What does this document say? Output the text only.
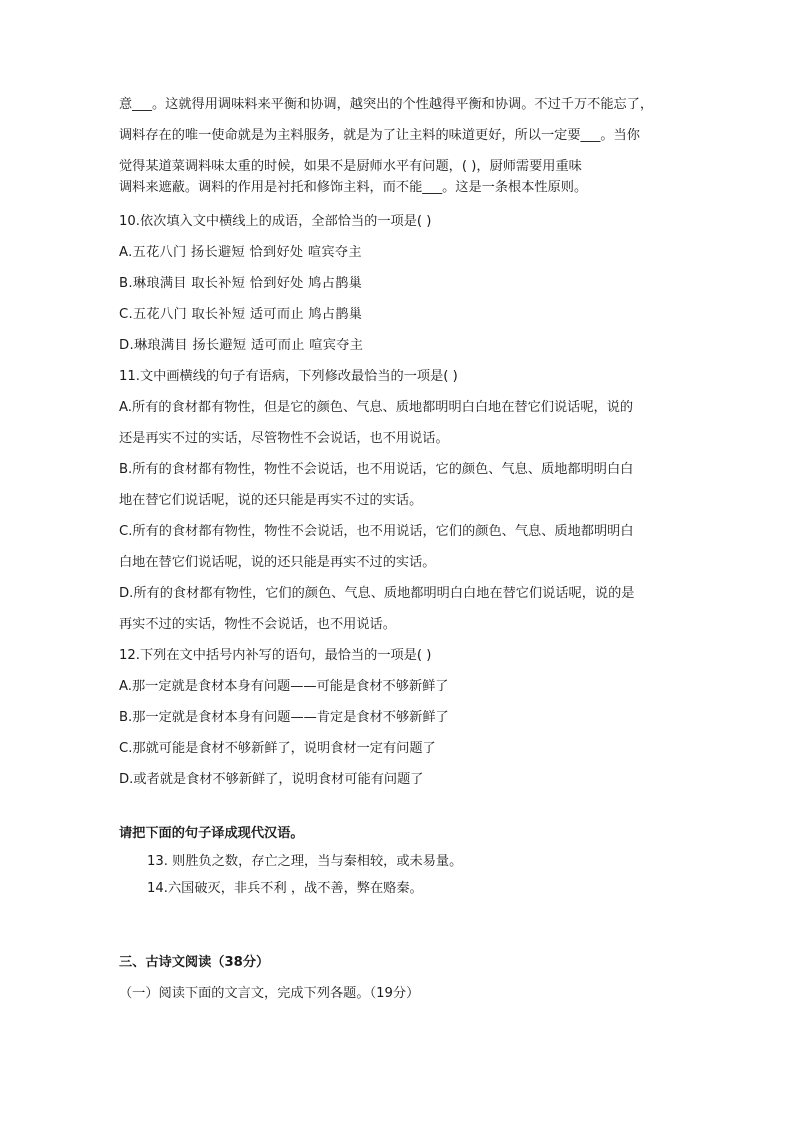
意___。这就得用调味料来平衡和协调，越突出的个性越得平衡和协调。不过千万不能忘了，
调料存在的唯一使命就是为主料服务，就是为了让主料的味道更好，所以一定要___。当你
觉得某道菜调料味太重的时候，如果不是厨师水平有问题，( )，厨师需要用重味
调料来遮蔽。调料的作用是衬托和修饰主料，而不能___。这是一条根本性原则。
10.依次填入文中横线上的成语，全部恰当的一项是( )
A.五花八门 扬长避短 恰到好处 喧宾夺主
B.琳琅满目 取长补短 恰到好处 鸠占鹊巢
C.五花八门 取长补短 适可而止 鸠占鹊巢
D.琳琅满目 扬长避短 适可而止 喧宾夺主
11.文中画横线的句子有语病，下列修改最恰当的一项是( )
A.所有的食材都有物性，但是它的颜色、气息、质地都明明白白地在替它们说话呢，说的
还是再实不过的实话，尽管物性不会说话，也不用说话。
B.所有的食材都有物性，物性不会说话，也不用说话，它的颜色、气息、质地都明明白白
地在替它们说话呢，说的还只能是再实不过的实话。
C.所有的食材都有物性，物性不会说话，也不用说话，它们的颜色、气息、质地都明明白
白地在替它们说话呢，说的还只能是再实不过的实话。
D.所有的食材都有物性，它们的颜色、气息、质地都明明白白地在替它们说话呢，说的是
再实不过的实话，物性不会说话，也不用说话。
12.下列在文中括号内补写的语句，最恰当的一项是( )
A.那一定就是食材本身有问题——可能是食材不够新鲜了
B.那一定就是食材本身有问题——肯定是食材不够新鲜了
C.那就可能是食材不够新鲜了，说明食材一定有问题了
D.或者就是食材不够新鲜了，说明食材可能有问题了
请把下面的句子译成现代汉语。
13. 则胜负之数，存亡之理，当与秦相较，或未易量。
14.六国破灭，非兵不利 ，战不善，弊在赂秦。
三、古诗文阅读（38分）
（一）阅读下面的文言文，完成下列各题。（19分）
